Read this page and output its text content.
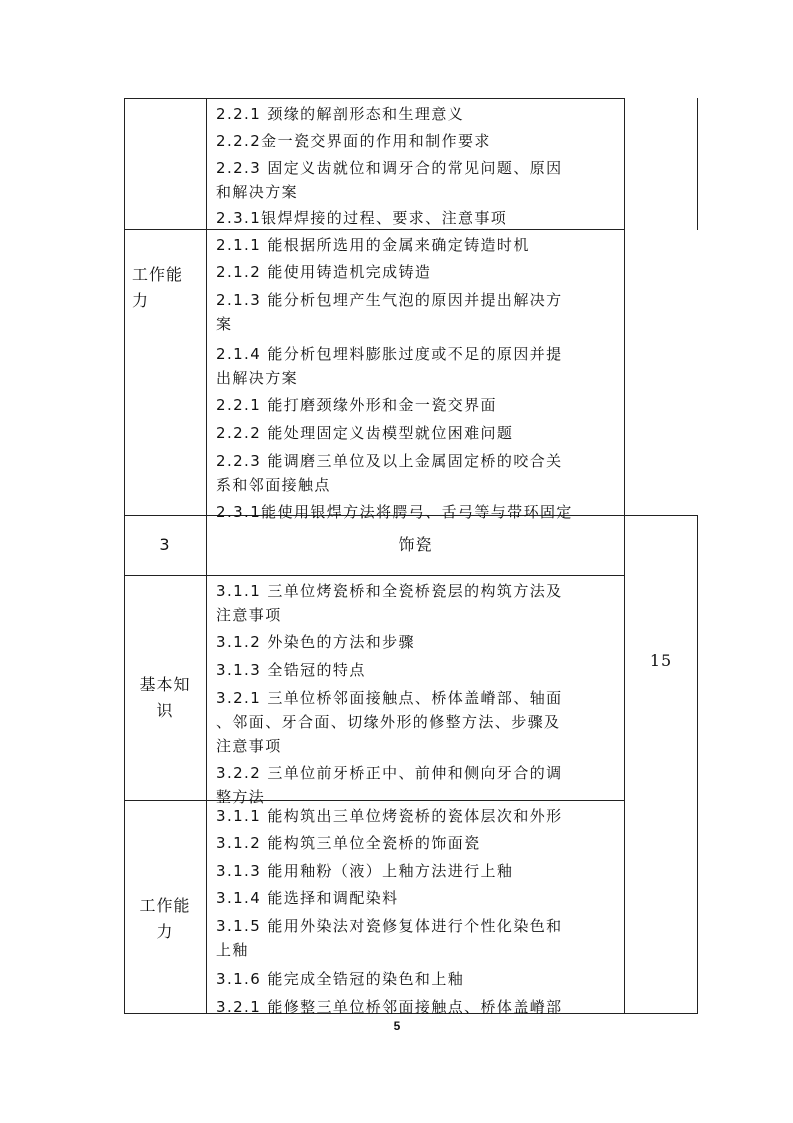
2.2.1 颈缘的解剖形态和生理意义
2.2.2金一瓷交界面的作用和制作要求
2.2.3 固定义齿就位和调牙合的常见问题、原因
和解决方案
2.3.1银焊焊接的过程、要求、注意事项
工作能
力
2.1.1 能根据所选用的金属来确定铸造时机
2.1.2 能使用铸造机完成铸造
2.1.3 能分析包埋产生气泡的原因并提出解决方
案
2.1.4 能分析包埋料膨胀过度或不足的原因并提
出解决方案
2.2.1 能打磨颈缘外形和金一瓷交界面
2.2.2 能处理固定义齿模型就位困难问题
2.2.3 能调磨三单位及以上金属固定桥的咬合关
系和邻面接触点
2.3.1能使用银焊方法将腭弓、舌弓等与带环固定
3	饰瓷
15
基本知
识
3.1.1 三单位烤瓷桥和全瓷桥瓷层的构筑方法及
注意事项
3.1.2 外染色的方法和步骤
3.1.3 全锆冠的特点
3.2.1 三单位桥邻面接触点、桥体盖嵴部、轴面
、邻面、牙合面、切缘外形的修整方法、步骤及
注意事项
3.2.2 三单位前牙桥正中、前伸和侧向牙合的调
整方法
工作能
力
3.1.1 能构筑出三单位烤瓷桥的瓷体层次和外形
3.1.2 能构筑三单位全瓷桥的饰面瓷
3.1.3 能用釉粉（液）上釉方法进行上釉
3.1.4 能选择和调配染料
3.1.5 能用外染法对瓷修复体进行个性化染色和
上釉
3.1.6 能完成全锆冠的染色和上釉
3.2.1 能修整三单位桥邻面接触点、桥体盖嵴部
5
